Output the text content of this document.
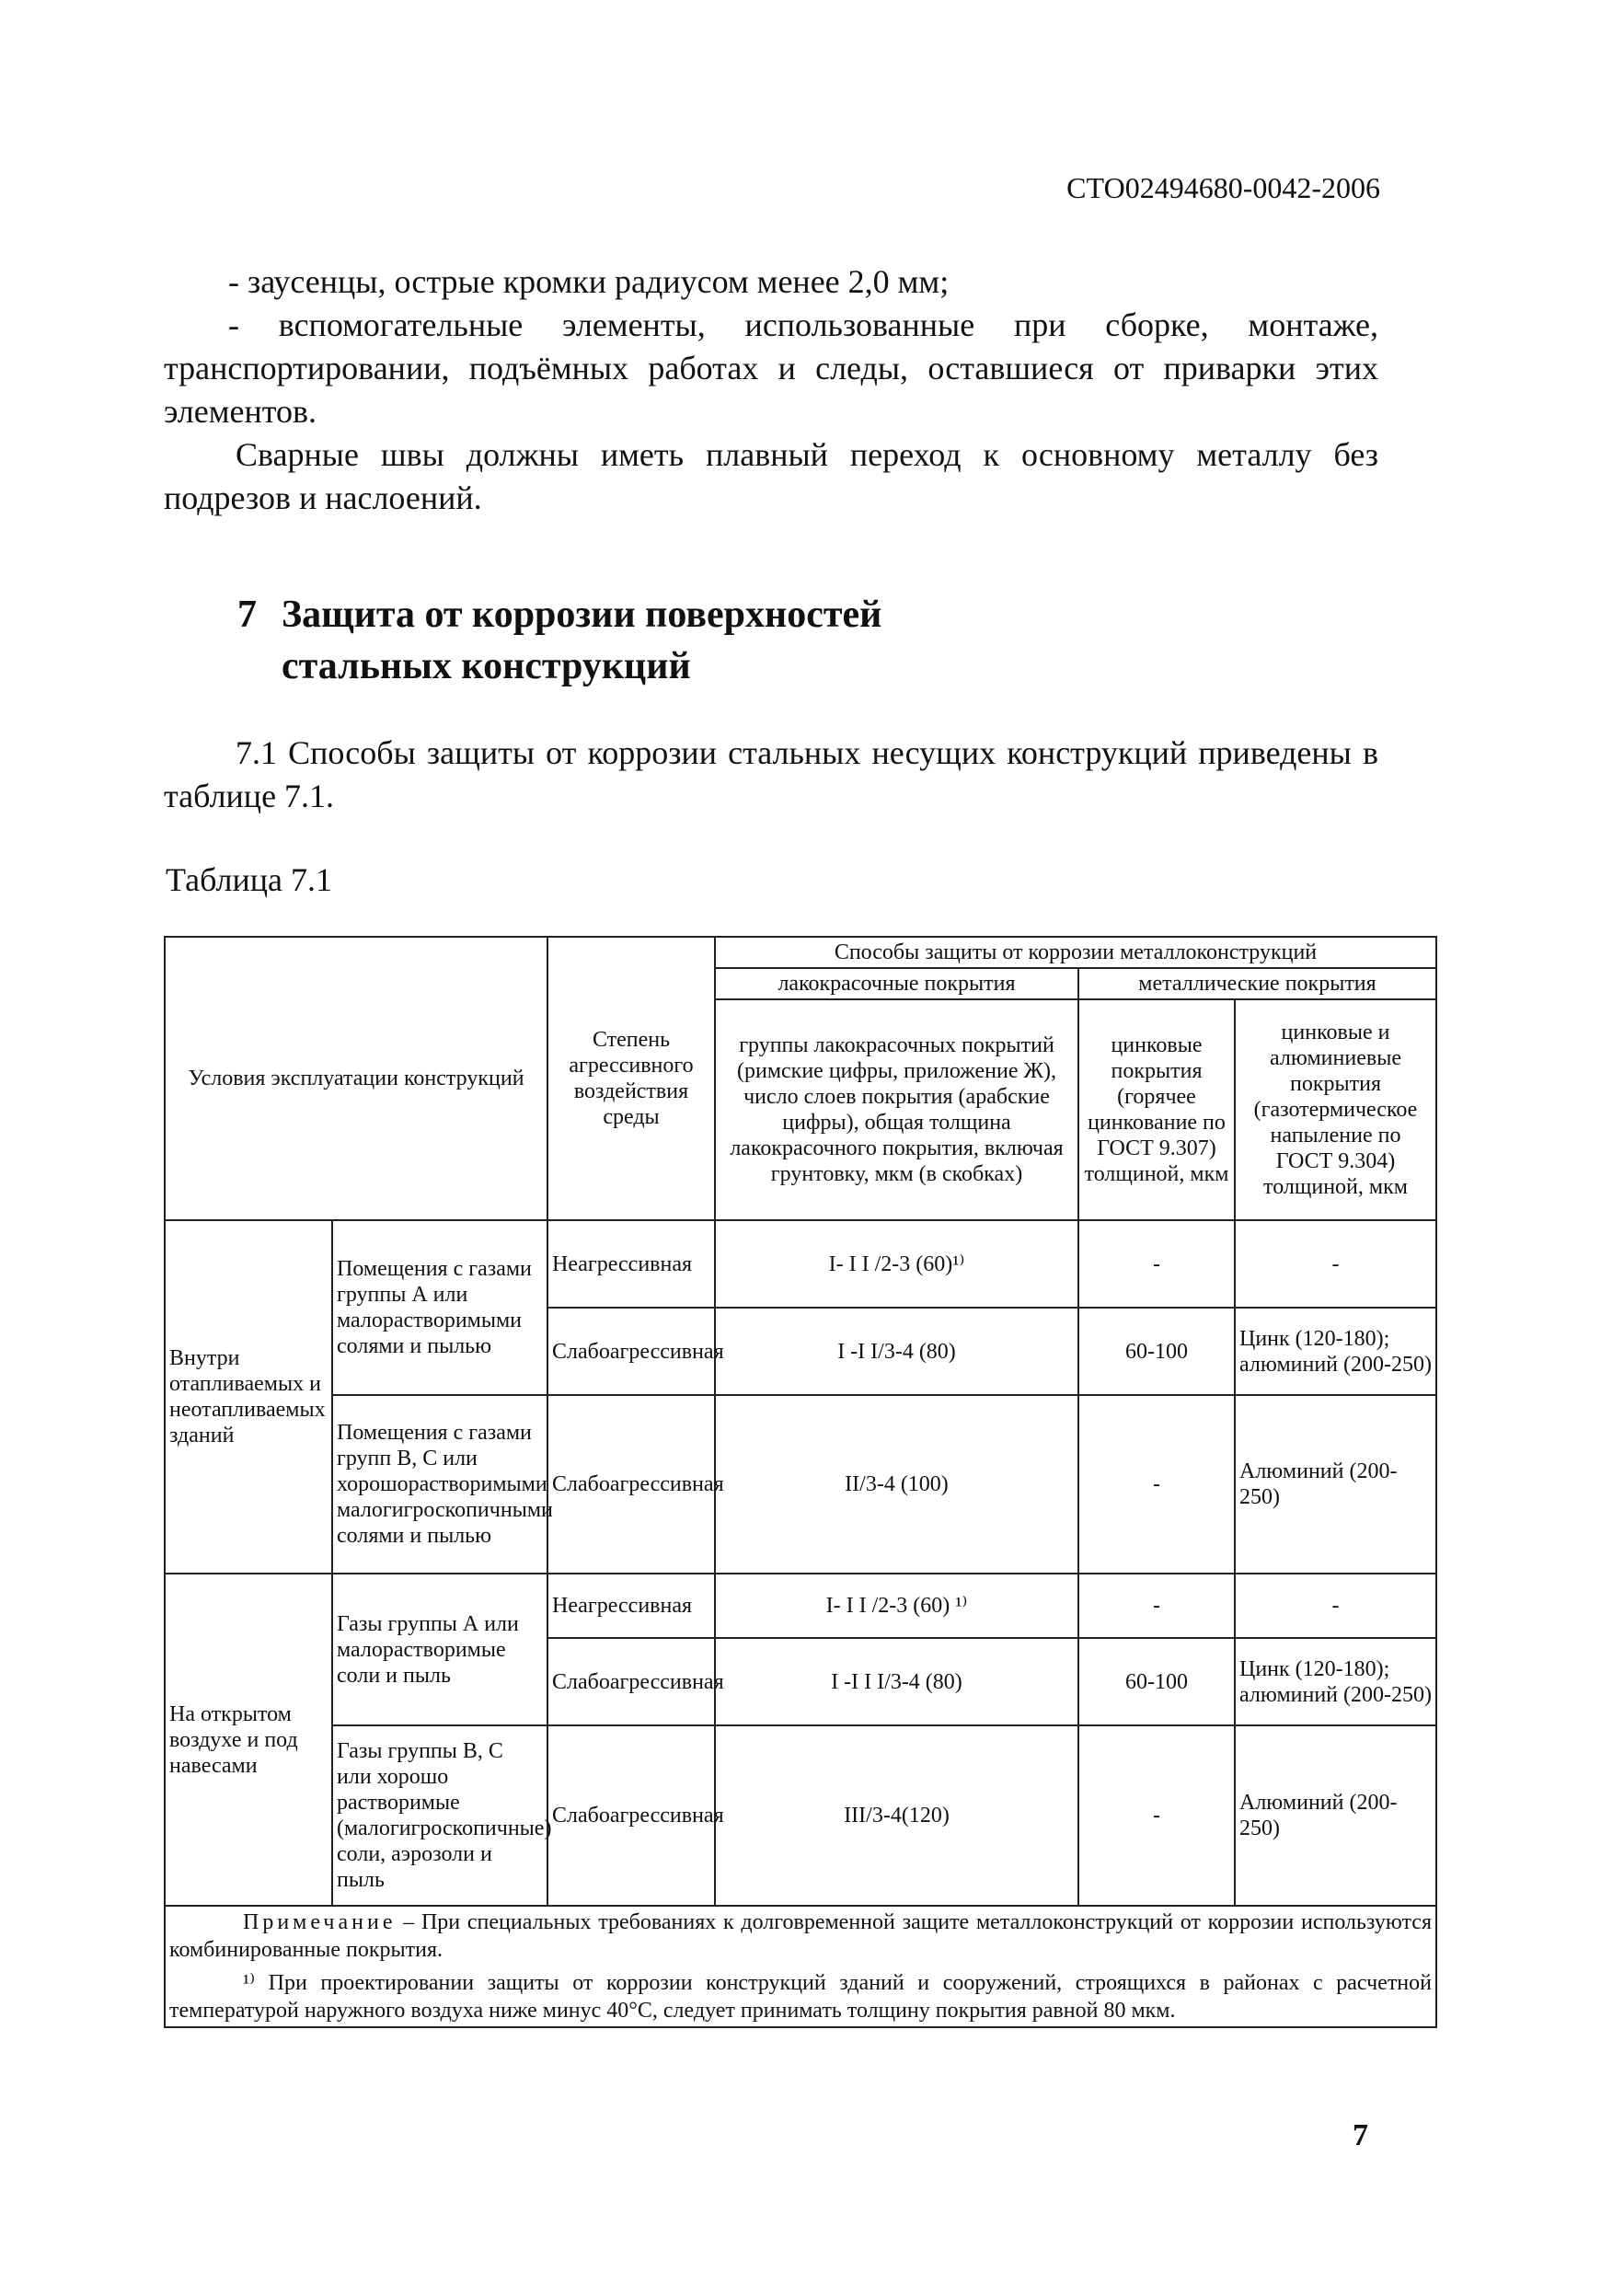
СТО02494680-0042-2006

- заусенцы, острые кромки радиусом менее 2,0 мм;

- вспомогательные элементы, использованные при сборке, монтаже, транспортировании, подъёмных работах и следы, оставшиеся от приварки этих элементов.

Сварные швы должны иметь плавный переход к основному металлу без подрезов и наслоений.

7 Защита от коррозии поверхностей
стальных конструкций

7.1 Способы защиты от коррозии стальных несущих конструкций приведены в таблице 7.1.

Таблица 7.1
Условия эксплуатации конструкций		Степень агрессивного воздействия среды	Способы защиты от коррозии металлоконструкций		
			лакокрасочные покрытия	металлические покрытия	
			группы лакокрасочных покрытий (римские цифры, приложение Ж), число слоев покрытия (арабские цифры), общая толщина лакокрасочного покрытия, включая грунтовку, мкм (в скобках)	цинковые покрытия (горячее цинкование по ГОСТ 9.307) толщиной, мкм	цинковые и алюминиевые покрытия (газотермическое напыление по ГОСТ 9.304) толщиной, мкм
Внутри отапливаемых и неотапливаемых зданий	Помещения с газами группы А или малорастворимыми солями и пылью	Неагрессивная	I- I I /2-3 (60)¹⁾	-	-
		Слабоагрессивная	I -I I/3-4 (80)	60-100	Цинк (120-180); алюминий (200-250)
	Помещения с газами групп В, С или хорошорастворимыми малогигроскопичными солями и пылью	Слабоагрессивная	II/3-4 (100)	-	Алюминий (200-250)
На открытом воздухе и под навесами	Газы группы А или малорастворимые соли и пыль	Неагрессивная	I- I I /2-3 (60) ¹⁾	-	-
		Слабоагрессивная	I -I I I/3-4 (80)	60-100	Цинк (120-180); алюминий (200-250)
	Газы группы В, С или хорошо растворимые (малогигроскопичные) соли, аэрозоли и пыль	Слабоагрессивная	III/3-4(120)	-	Алюминий (200-250)

Примечание – При специальных требованиях к долговременной защите металлоконструкций от коррозии используются комбинированные покрытия.
¹⁾ При проектировании защиты от коррозии конструкций зданий и сооружений, строящихся в районах с расчетной температурой наружного воздуха ниже минус 40°С, следует принимать толщину покрытия равной 80 мкм.					
7
